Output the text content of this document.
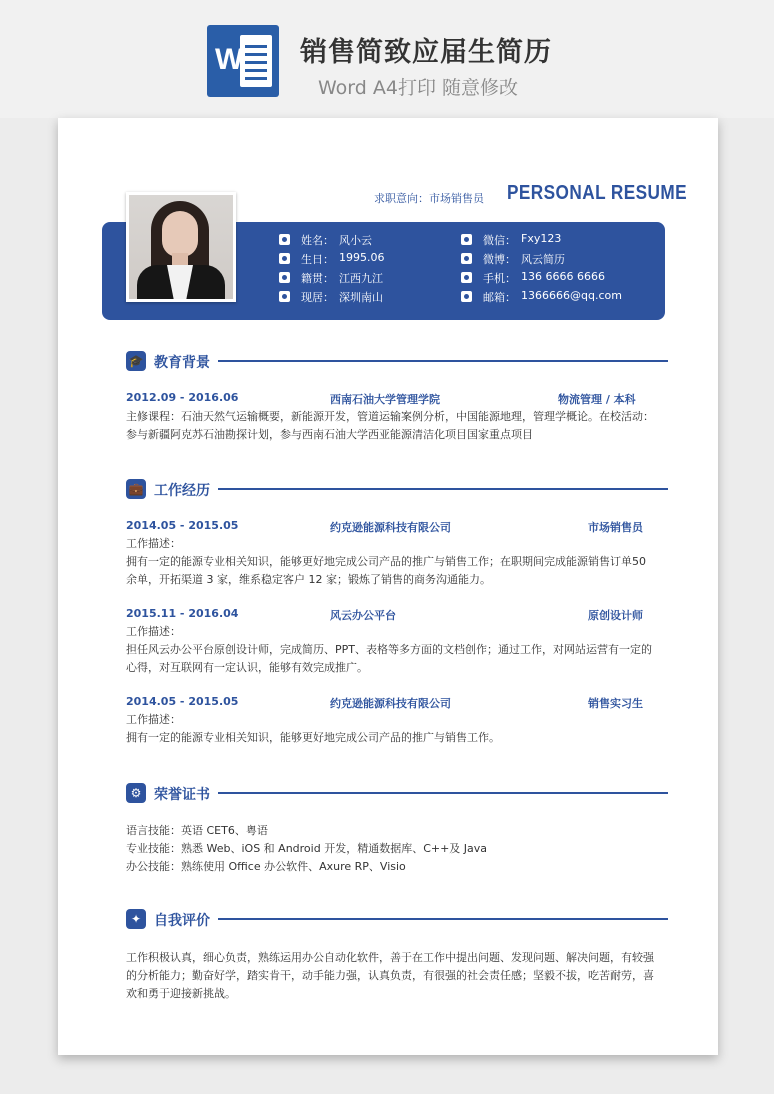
W 销售简致应届生简历
Word A4打印 随意修改
求职意向：市场销售员 PERSONAL RESUME
姓名： 风小云
生日： 1995.06
籍贯： 江西九江
现居： 深圳南山
微信： Fxy123
微博： 风云简历
手机： 136 6666 6666
邮箱： 1366666@qq.com
🎓 教育背景
2012.09 - 2016.06	西南石油大学管理学院	物流管理 / 本科
主修课程：石油天然气运输概要，新能源开发，管道运输案例分析，中国能源地理，管理学概论。在校活动：参与新疆阿克苏石油勘探计划，参与西南石油大学西亚能源清洁化项目国家重点项目
💼 工作经历
2014.05 - 2015.05	约克逊能源科技有限公司	市场销售员
工作描述：
拥有一定的能源专业相关知识，能够更好地完成公司产品的推广与销售工作；在职期间完成能源销售订单50 余单，开拓渠道 3 家，维系稳定客户 12 家；锻炼了销售的商务沟通能力。
2015.11 - 2016.04	风云办公平台	原创设计师
工作描述：
担任风云办公平台原创设计师，完成简历、PPT、表格等多方面的文档创作；通过工作，对网站运营有一定的心得，对互联网有一定认识，能够有效完成推广。
2014.05 - 2015.05	约克逊能源科技有限公司	销售实习生
工作描述：
拥有一定的能源专业相关知识，能够更好地完成公司产品的推广与销售工作。
⚙ 荣誉证书
语言技能：英语 CET6、粤语
专业技能：熟悉 Web、iOS 和 Android 开发，精通数据库、C++及 Java
办公技能：熟练使用 Office 办公软件、Axure RP、Visio
✦ 自我评价
工作积极认真，细心负责，熟练运用办公自动化软件，善于在工作中提出问题、发现问题、解决问题，有较强的分析能力；勤奋好学，踏实肯干，动手能力强，认真负责，有很强的社会责任感；坚毅不拔，吃苦耐劳，喜欢和勇于迎接新挑战。
